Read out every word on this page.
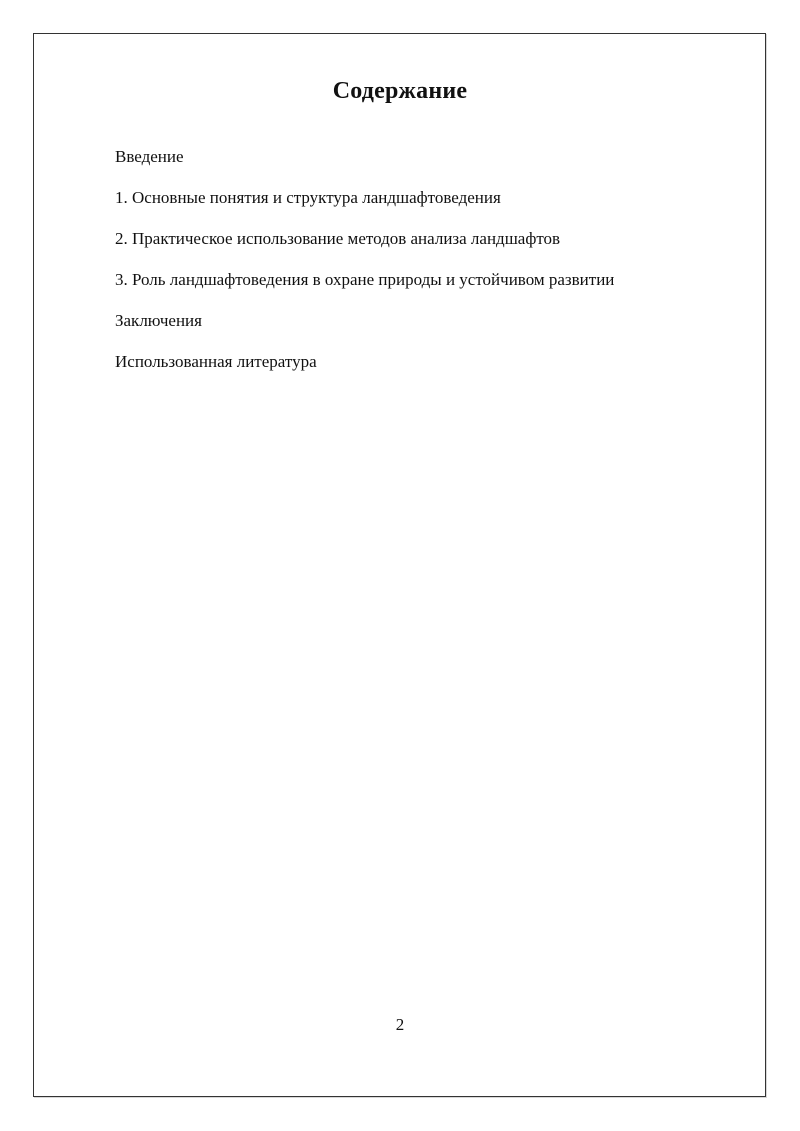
Содержание
Введение
1. Основные понятия и структура ландшафтоведения
2. Практическое использование методов анализа ландшафтов
3. Роль ландшафтоведения в охране природы и устойчивом развитии
Заключения
Использованная литература
2
